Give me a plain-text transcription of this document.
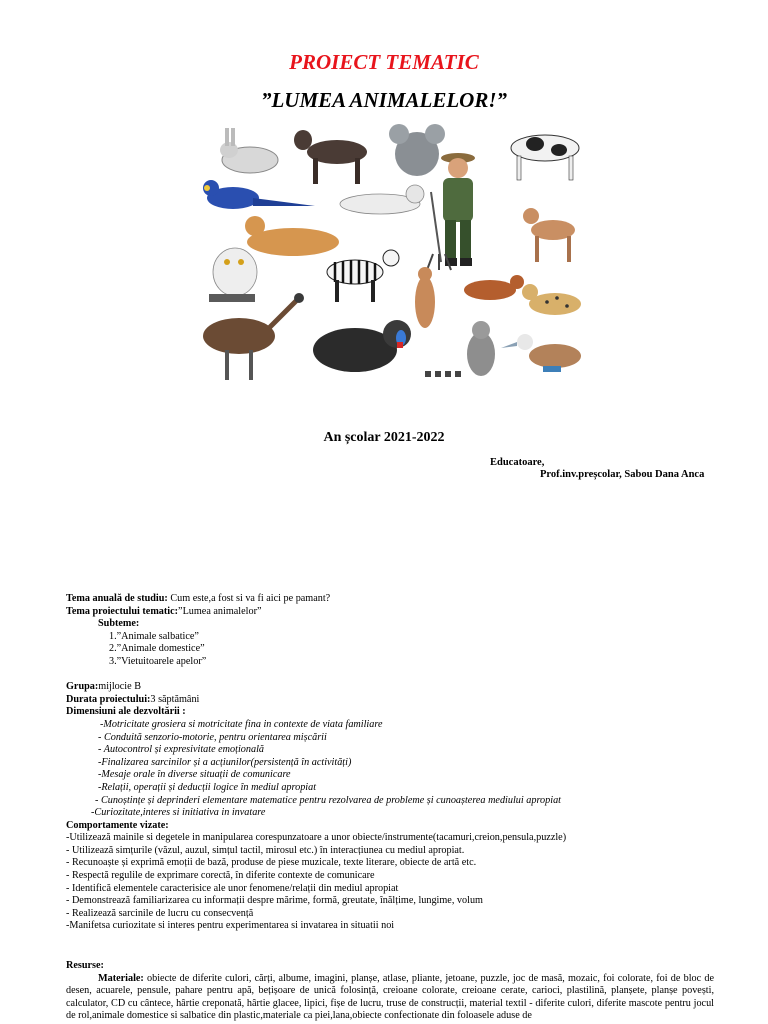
PROIECT TEMATIC
”LUMEA ANIMALELOR!”
An școlar 2021-2022
Educatoare,
Prof.inv.preșcolar, Sabou Dana Anca
Tema anuală de studiu: Cum este,a fost si va fi aici pe pamant?
Tema proiectului tematic:”Lumea animalelor”
Subteme:
1.”Animale salbatice”
2.”Animale domestice”
3.”Vietuitoarele apelor”
Grupa:mijlocie B
Durata proiectului:3 săptămâni
Dimensiuni ale dezvoltării :
-Motricitate grosiera si motricitate fina in contexte de viata familiare
- Conduită senzorio-motorie, pentru orientarea mișcării
- Autocontrol și expresivitate emoțională
-Finalizarea sarcinilor și a acțiunilor(persistență în activități)
-Mesaje orale în diverse situații de comunicare
-Relații, operații și deducții logice în mediul apropiat
- Cunoștințe și deprinderi elementare matematice pentru rezolvarea de probleme și cunoașterea mediului apropiat
-Curiozitate,interes si initiativa in invatare
Comportamente vizate:
-Utilizează mainile si degetele in manipularea corespunzatoare a unor obiecte/instrumente(tacamuri,creion,pensula,puzzle)
- Utilizează simțurile (văzul, auzul, simțul tactil, mirosul etc.) în interacțiunea cu mediul apropiat.
- Recunoaște și exprimă emoții de bază, produse de piese muzicale, texte literare, obiecte de artă etc.
- Respectă regulile de exprimare corectă, în diferite contexte de comunicare
- Identifică elementele caracterisice ale unor fenomene/relații din mediul apropiat
- Demonstrează familiarizarea cu informații despre mărime, formă, greutate, înălțime, lungime, volum
- Realizează sarcinile de lucru cu consecvență
-Manifetsa curiozitate si interes pentru experimentarea si invatarea in situatii noi
Resurse:
Materiale: obiecte de diferite culori, cărți, albume, imagini, planșe, atlase, pliante, jetoane, puzzle, joc de masă, mozaic, foi colorate, foi de bloc de desen, acuarele, pensule, pahare pentru apă, bețișoare de unică folosință, creioane colorate, creioane cerate, carioci, plastilină, planșete, planșe povești, calculator, CD cu cântece, hârtie creponată, hârtie glacee, lipici, fișe de lucru, truse de construcții, material textil - diferite culori, diferite mascote pentru jocul de rol,animale domestice si salbatice din plastic,materiale ca piei,lana,obiecte confectionate din foloasele aduse de
